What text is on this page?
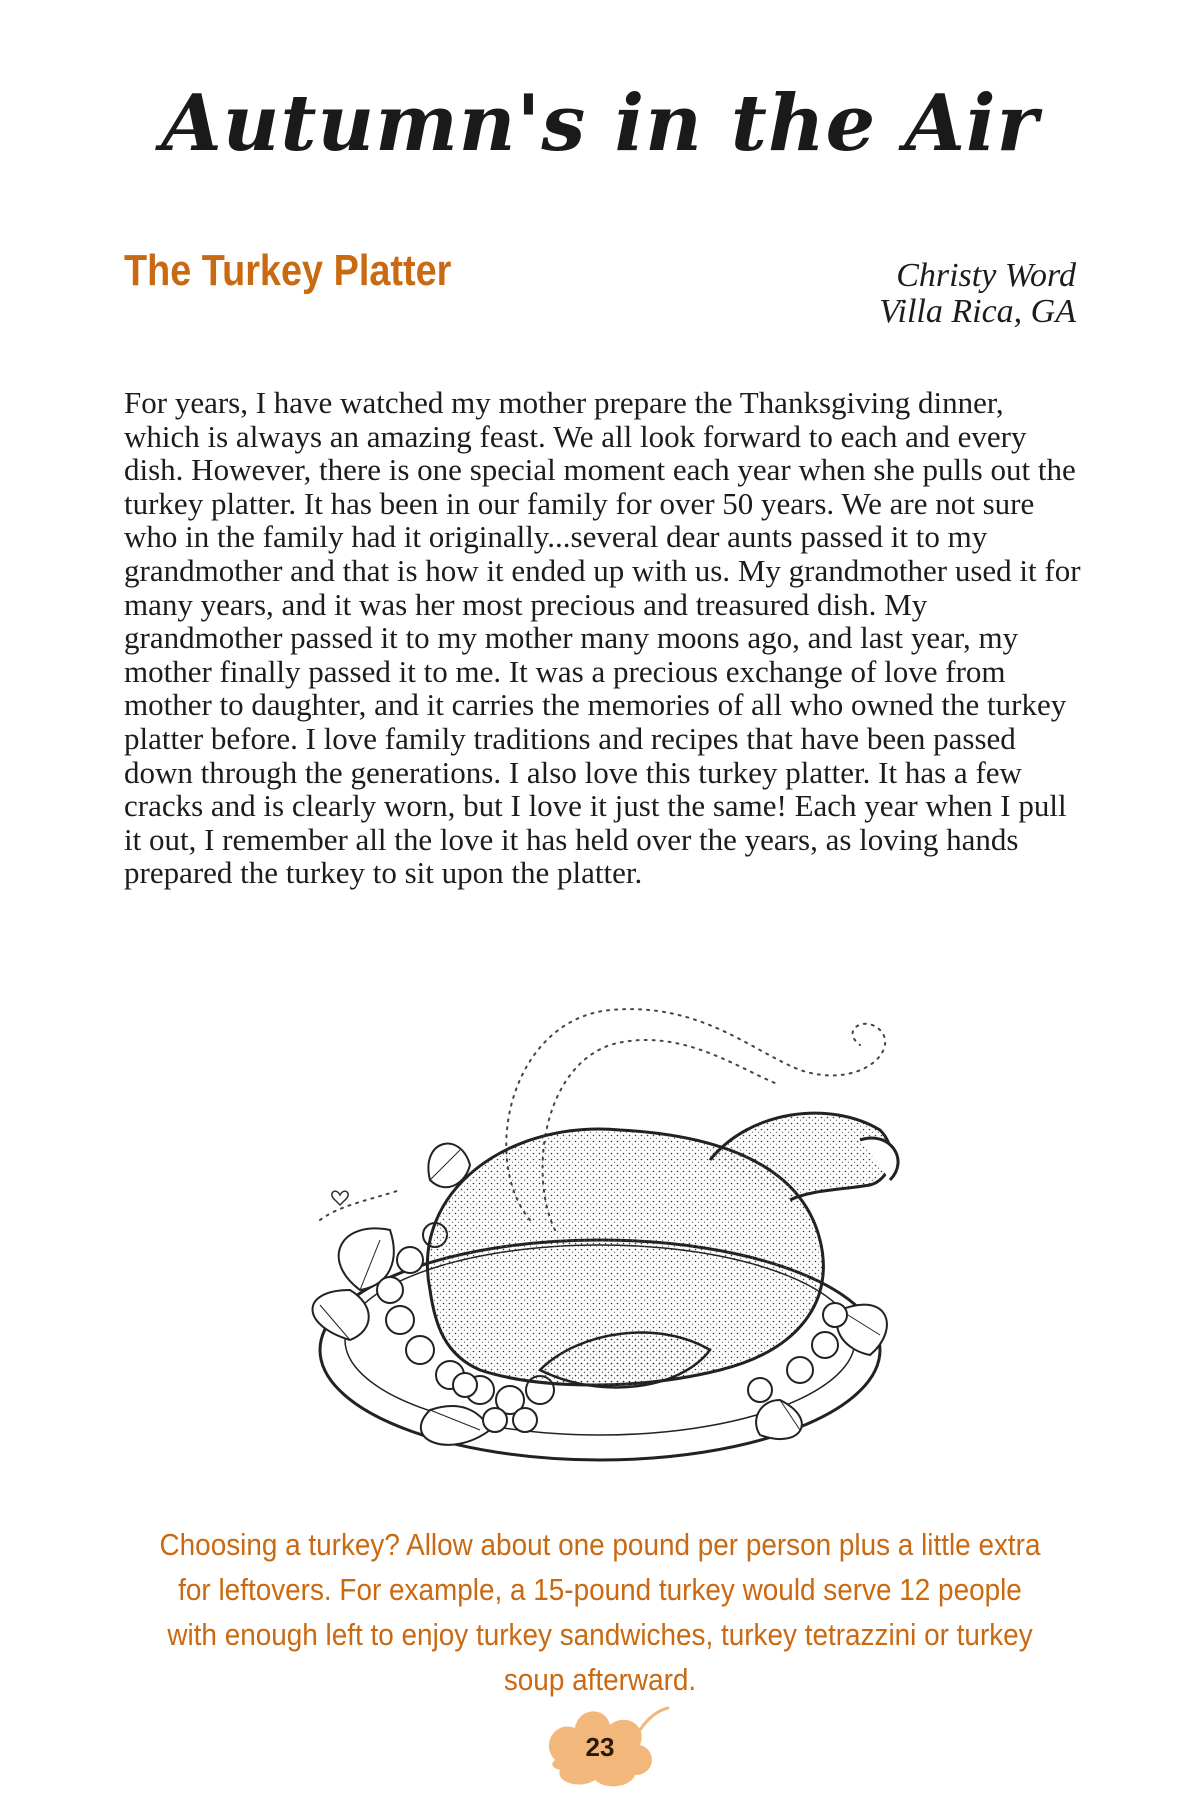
Autumn's in the Air
The Turkey Platter	Christy Word
Villa Rica, GA

For years, I have watched my mother prepare the Thanksgiving dinner, which is always an amazing feast. We all look forward to each and every dish. However, there is one special moment each year when she pulls out the turkey platter. It has been in our family for over 50 years. We are not sure who in the family had it originally...several dear aunts passed it to my grandmother and that is how it ended up with us. My grandmother used it for many years, and it was her most precious and treasured dish. My grandmother passed it to my mother many moons ago, and last year, my mother finally passed it to me. It was a precious exchange of love from mother to daughter, and it carries the memories of all who owned the turkey platter before. I love family traditions and recipes that have been passed down through the generations. I also love this turkey platter. It has a few cracks and is clearly worn, but I love it just the same! Each year when I pull it out, I remember all the love it has held over the years, as loving hands prepared the turkey to sit upon the platter.

Choosing a turkey? Allow about one pound per person plus a little extra for leftovers. For example, a 15-pound turkey would serve 12 people with enough left to enjoy turkey sandwiches, turkey tetrazzini or turkey soup afterward.

23
